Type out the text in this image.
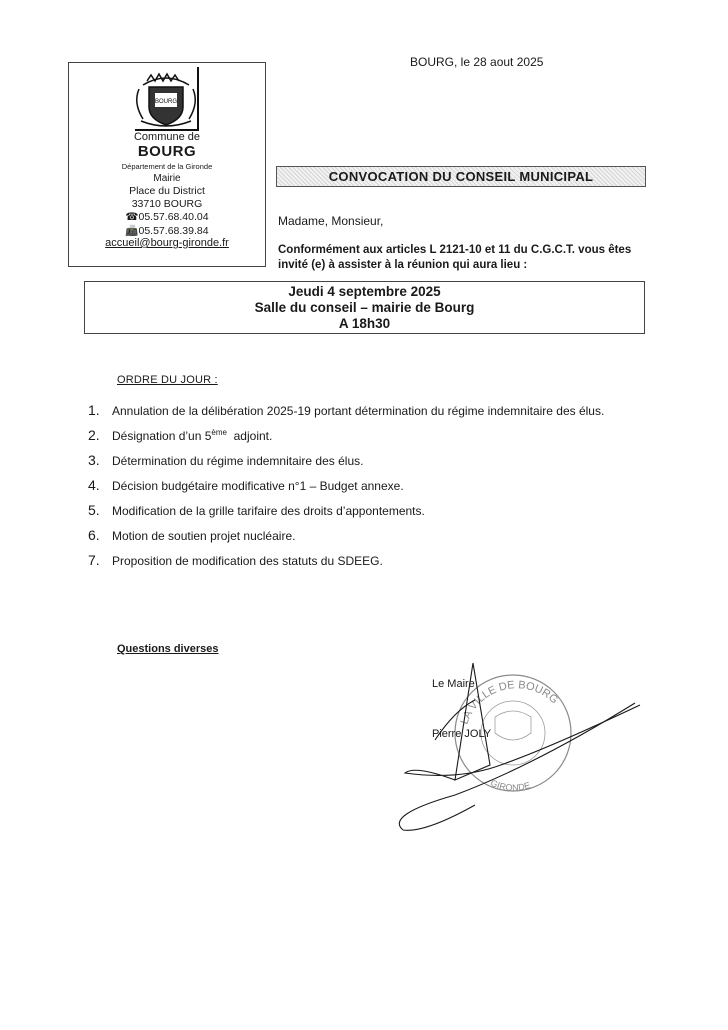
BOURG, le 28 aout 2025
BOURG
Commune de
BOURG
Département de la Gironde
Mairie
Place du District
33710 BOURG
☎05.57.68.40.04
📠05.57.68.39.84
accueil@bourg-gironde.fr
CONVOCATION DU CONSEIL MUNICIPAL
Madame, Monsieur,
Conformément aux articles L 2121-10 et 11 du C.G.C.T. vous êtes invité (e) à assister à la réunion qui aura lieu :
Jeudi 4 septembre 2025
Salle du conseil – mairie de Bourg
A 18h30
ORDRE DU JOUR :
1.	Annulation de la délibération 2025-19 portant détermination du régime indemnitaire des élus.
2.	Désignation d’un 5ème  adjoint.
3.	Détermination du régime indemnitaire des élus.
4.	Décision budgétaire modificative n°1 – Budget annexe.
5.	Modification de la grille tarifaire des droits d’appontements.
6.	Motion de soutien projet nucléaire.
7.	Proposition de modification des statuts du SDEEG.
Questions diverses
LA VILLE DE BOURG
GIRONDE
Le Maire
Pierre JOLY
